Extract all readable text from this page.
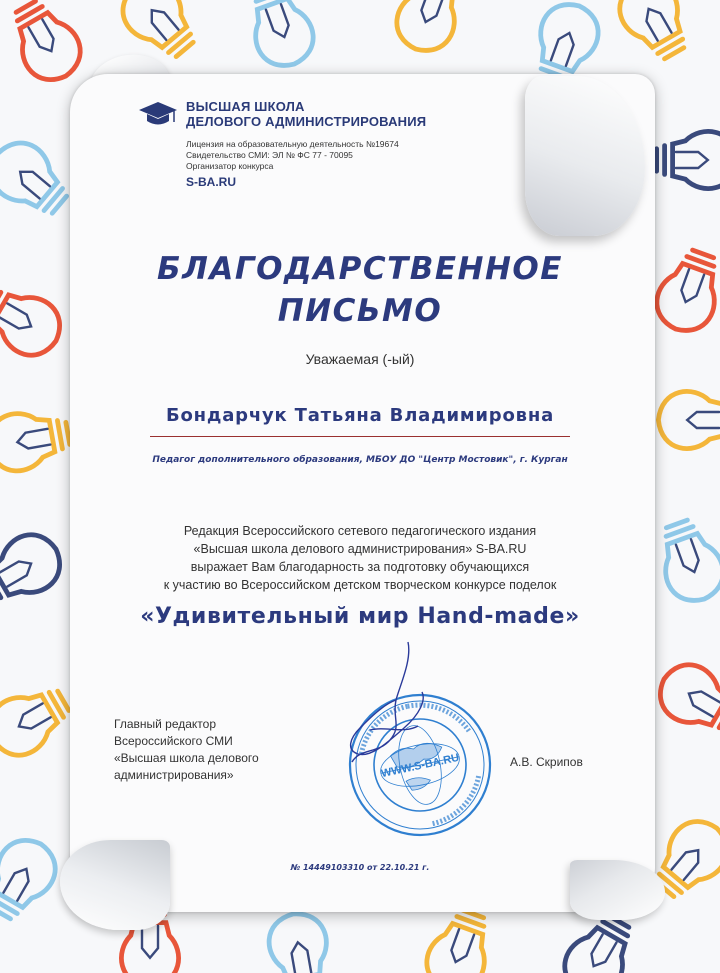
ВЫСШАЯ ШКОЛА
ДЕЛОВОГО АДМИНИСТРИРОВАНИЯ
Лицензия на образовательную деятельность №19674
Свидетельство СМИ: ЭЛ № ФС 77 - 70095
Организатор конкурса
S-BA.RU
БЛАГОДАРСТВЕННОЕ
ПИСЬМО
Уважаемая (-ый)
Бондарчук Татьяна Владимировна
Педагог дополнительного образования, МБОУ ДО "Центр Мостовик", г. Курган
Редакция Всероссийского сетевого педагогического издания
«Высшая школа делового администрирования» S-BA.RU
выражает Вам благодарность за подготовку обучающихся
к участию во Всероссийском детском творческом конкурсе поделок
«Удивительный мир Hand-made»
Главный редактор
Всероссийского СМИ
«Высшая школа делового
администрирования»	WWW.S-BA.RU	А.В. Скрипов
№ 14449103310 от 22.10.21 г.
